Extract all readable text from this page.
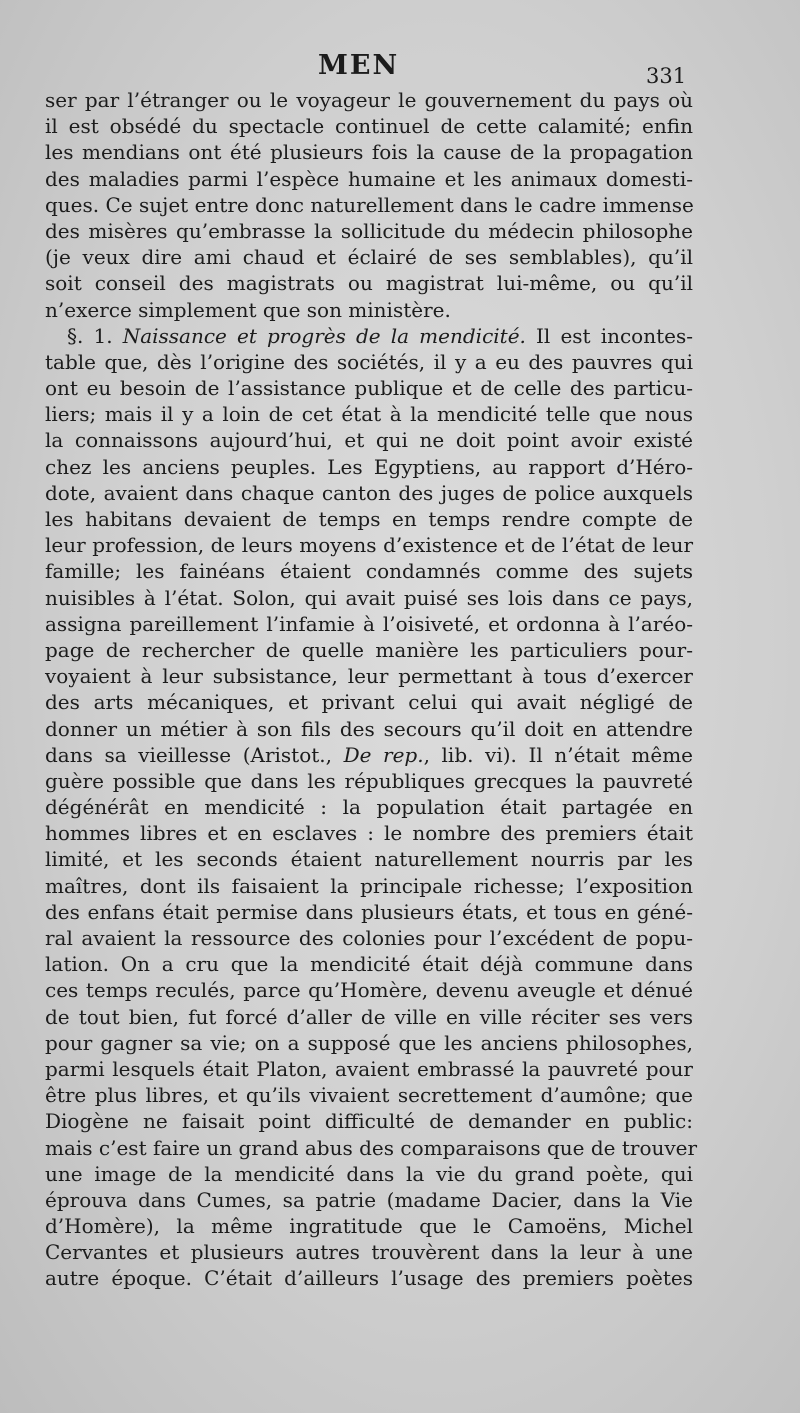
MEN	331
ser par l’étranger ou le voyageur le gouvernement du pays où
il est obsédé du spectacle continuel de cette calamité; enfin
les mendians ont été plusieurs fois la cause de la propagation
des maladies parmi l’espèce humaine et les animaux domesti-
ques. Ce sujet entre donc naturellement dans le cadre immense
des misères qu’embrasse la sollicitude du médecin philosophe
(je veux dire ami chaud et éclairé de ses semblables), qu’il
soit conseil des magistrats ou magistrat lui-même, ou qu’il
n’exerce simplement que son ministère.
§. 1. Naissance et progrès de la mendicité. Il est incontes-
table que, dès l’origine des sociétés, il y a eu des pauvres qui
ont eu besoin de l’assistance publique et de celle des particu-
liers; mais il y a loin de cet état à la mendicité telle que nous
la connaissons aujourd’hui, et qui ne doit point avoir existé
chez les anciens peuples. Les Egyptiens, au rapport d’Héro-
dote, avaient dans chaque canton des juges de police auxquels
les habitans devaient de temps en temps rendre compte de
leur profession, de leurs moyens d’existence et de l’état de leur
famille; les fainéans étaient condamnés comme des sujets
nuisibles à l’état. Solon, qui avait puisé ses lois dans ce pays,
assigna pareillement l’infamie à l’oisiveté, et ordonna à l’aréo-
page de rechercher de quelle manière les particuliers pour-
voyaient à leur subsistance, leur permettant à tous d’exercer
des arts mécaniques, et privant celui qui avait négligé de
donner un métier à son fils des secours qu’il doit en attendre
dans sa vieillesse (Aristot., De rep., lib. vi). Il n’était même
guère possible que dans les républiques grecques la pauvreté
dégénérât en mendicité : la population était partagée en
hommes libres et en esclaves : le nombre des premiers était
limité, et les seconds étaient naturellement nourris par les
maîtres, dont ils faisaient la principale richesse; l’exposition
des enfans était permise dans plusieurs états, et tous en géné-
ral avaient la ressource des colonies pour l’excédent de popu-
lation. On a cru que la mendicité était déjà commune dans
ces temps reculés, parce qu’Homère, devenu aveugle et dénué
de tout bien, fut forcé d’aller de ville en ville réciter ses vers
pour gagner sa vie; on a supposé que les anciens philosophes,
parmi lesquels était Platon, avaient embrassé la pauvreté pour
être plus libres, et qu’ils vivaient secrettement d’aumône; que
Diogène ne faisait point difficulté de demander en public:
mais c’est faire un grand abus des comparaisons que de trouver
une image de la mendicité dans la vie du grand poète, qui
éprouva dans Cumes, sa patrie (madame Dacier, dans la Vie
d’Homère), la même ingratitude que le Camoëns, Michel
Cervantes et plusieurs autres trouvèrent dans la leur à une
autre époque. C’était d’ailleurs l’usage des premiers poètes
